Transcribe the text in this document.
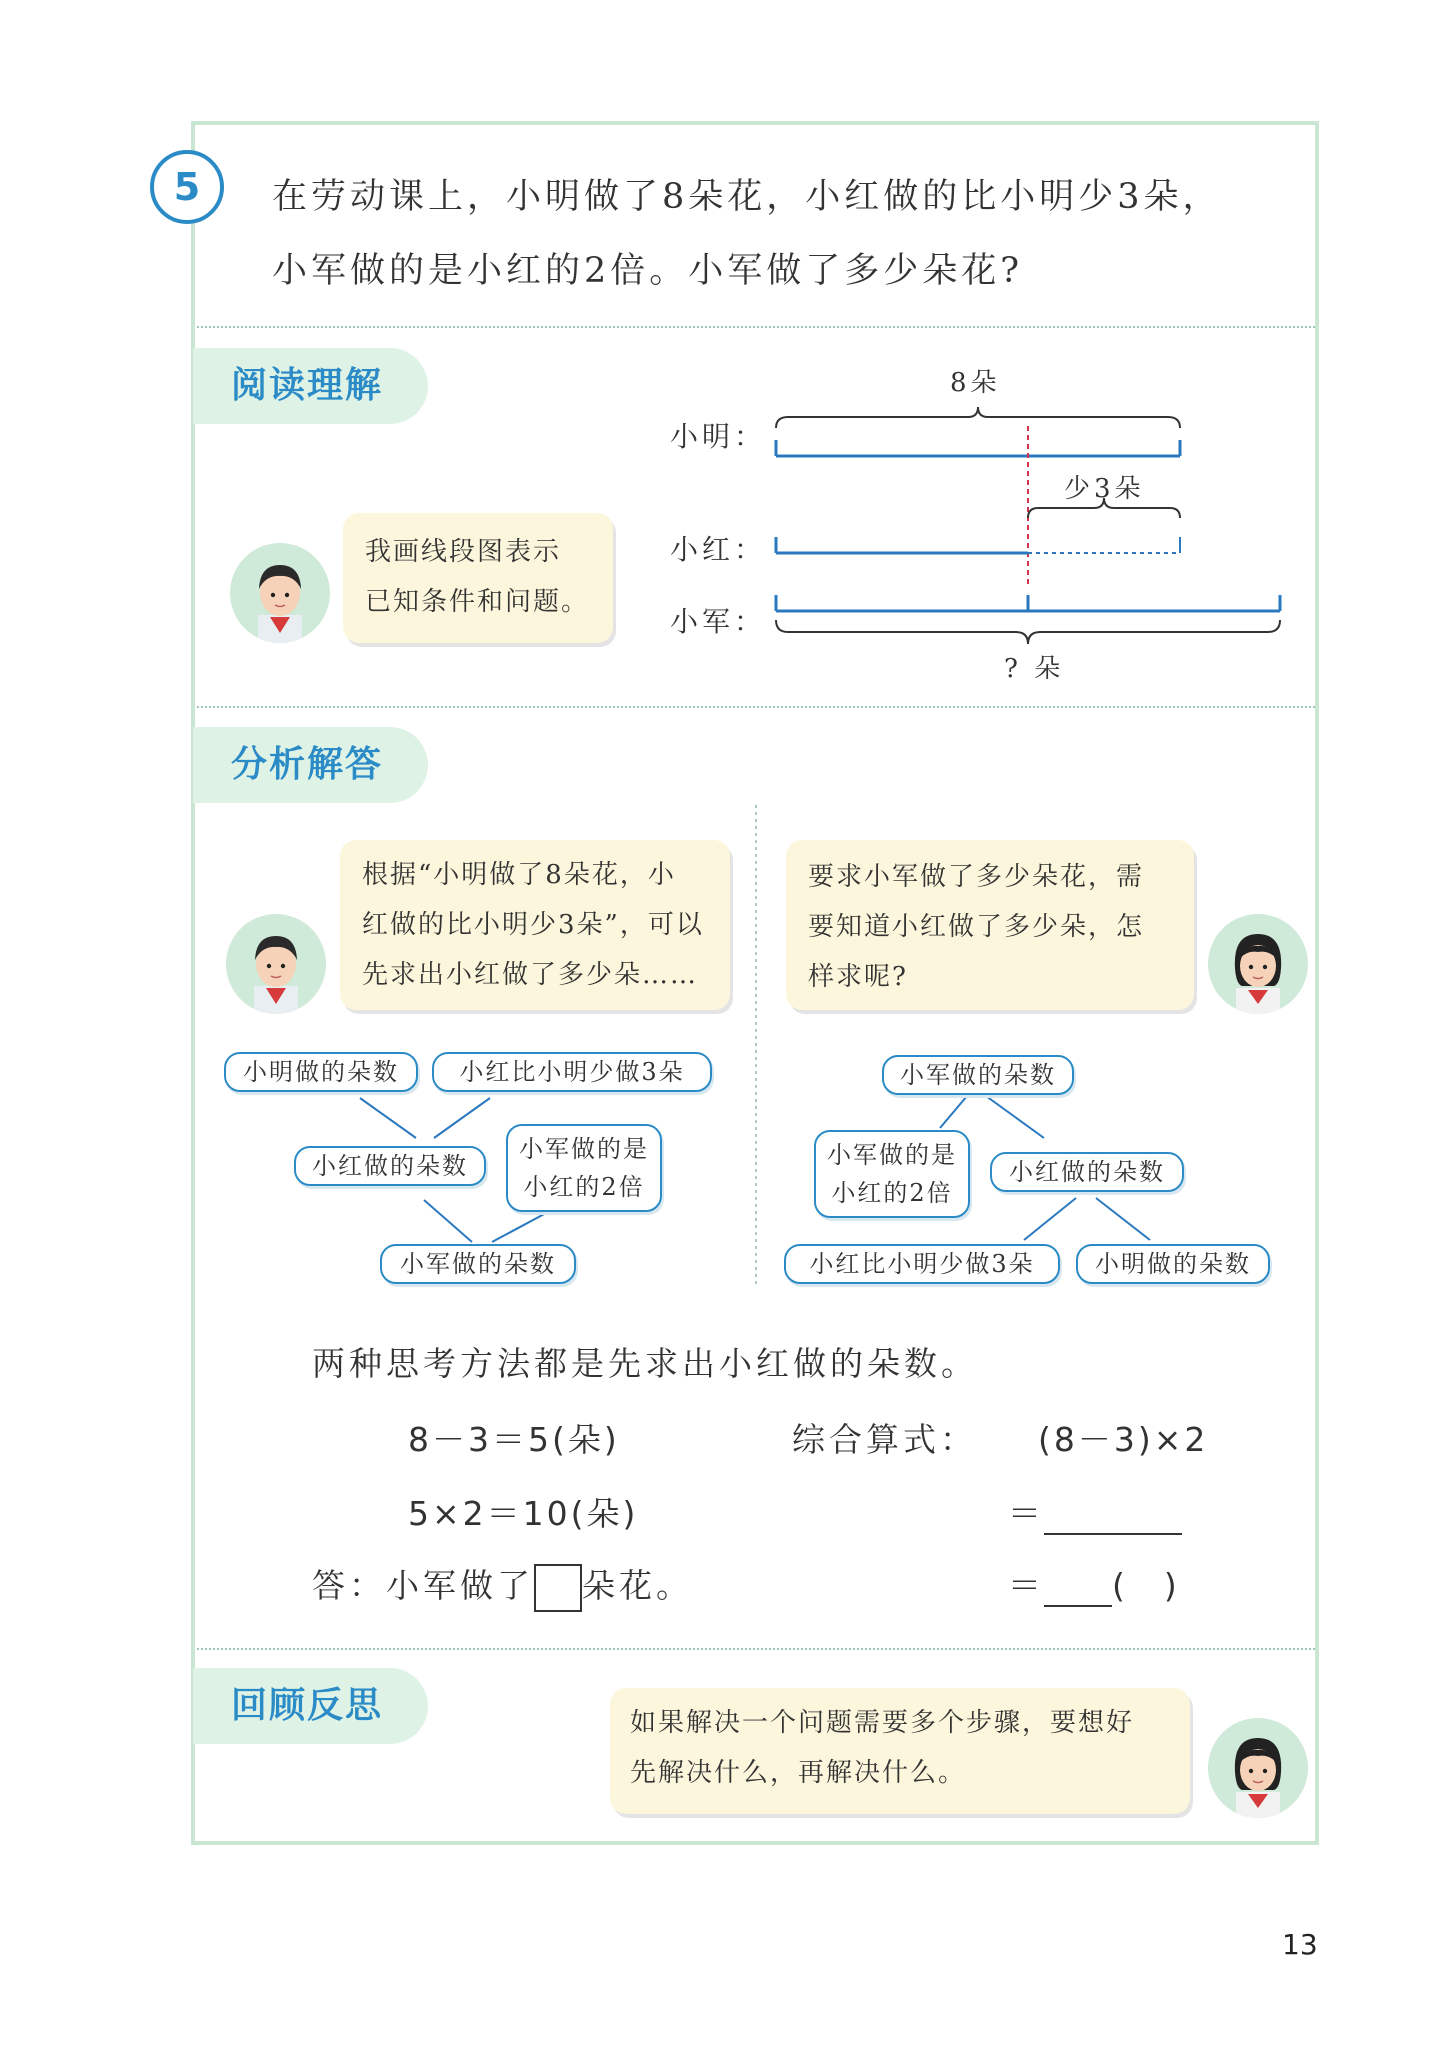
5	在劳动课上，小明做了8朵花，小红做的比小明少3朵，

小军做的是小红的2倍。小军做了多少朵花?

阅读理解

我画线段图表示

已知条件和问题。

小明：
小红：
小军：
8朵
少3朵
? 朵
分析解答

根据“小明做了8朵花，小

红做的比小明少3朵”，可以

先求出小红做了多少朵……

要求小军做了多少朵花，需

要知道小红做了多少朵，怎

样求呢?

小明做的朵数	小红比小明少做3朵
小红做的朵数
小军做的是
小红的2倍
小军做的朵数
小军做的朵数
小军做的是
小红的2倍
小红做的朵数
小红比小明少做3朵	小明做的朵数
两种思考方法都是先求出小红做的朵数。
8－3＝5(朵)
5×2＝10(朵)
答：小军做了 朵花。
综合算式： (8－3)×2
＝
＝ (　)
回顾反思	如果解决一个问题需要多个步骤，要想好

先解决什么，再解决什么。

13
